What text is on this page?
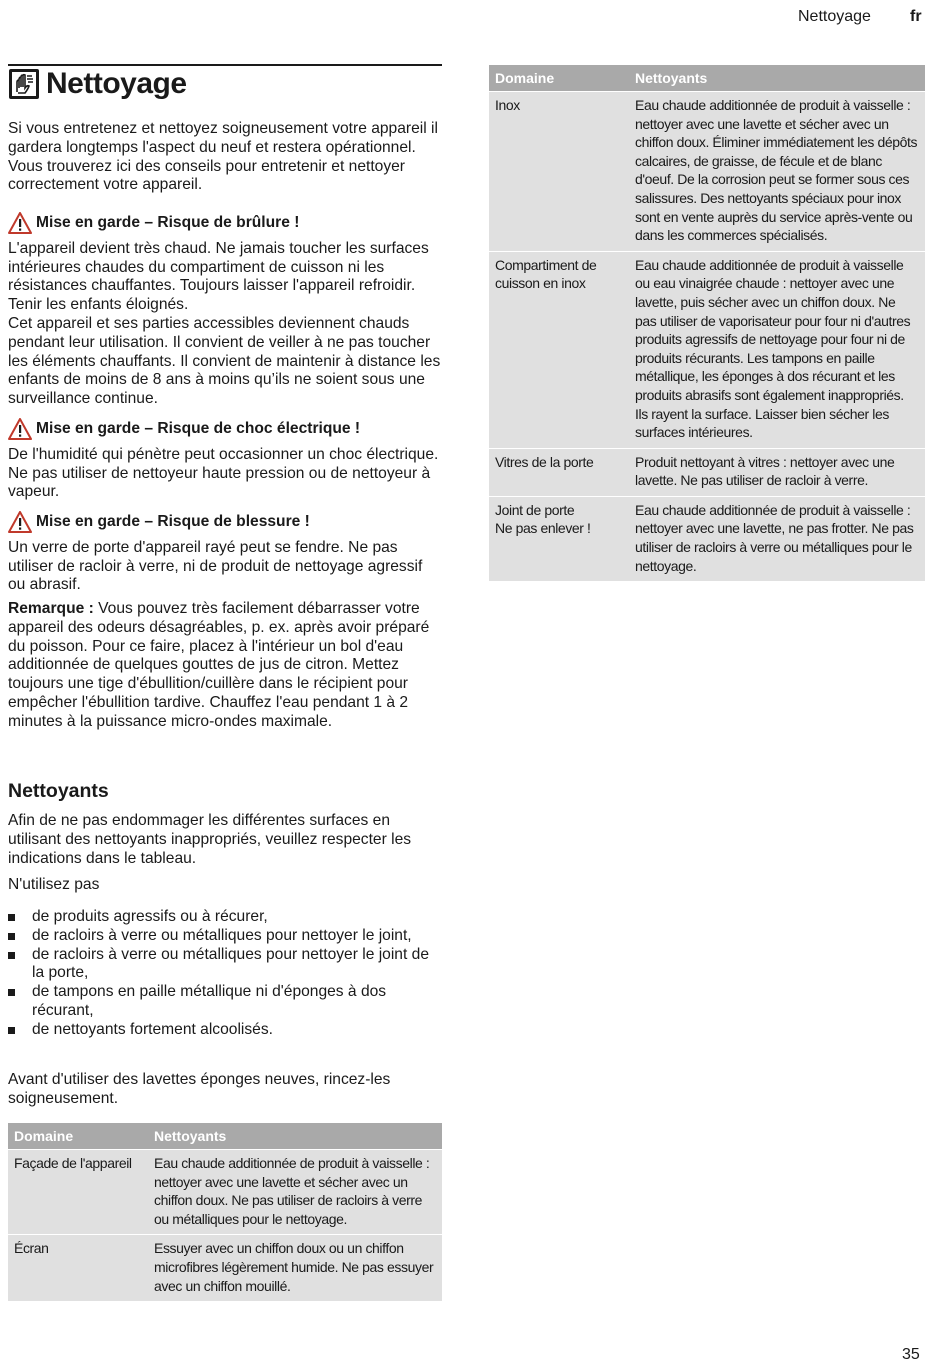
Nettoyage fr
Nettoyage

Si vous entretenez et nettoyez soigneusement votre appareil il gardera longtemps l'aspect du neuf et restera opérationnel. Vous trouverez ici des conseils pour entretenir et nettoyer correctement votre appareil.

Mise en garde – Risque de brûlure !

L'appareil devient très chaud. Ne jamais toucher les surfaces intérieures chaudes du compartiment de cuisson ni les résistances chauffantes. Toujours laisser l'appareil refroidir. Tenir les enfants éloignés.
Cet appareil et ses parties accessibles deviennent chauds pendant leur utilisation. Il convient de veiller à ne pas toucher les éléments chauffants. Il convient de maintenir à distance les enfants de moins de 8 ans à moins qu’ils ne soient sous une surveillance continue.
Mise en garde – Risque de choc électrique !

De l'humidité qui pénètre peut occasionner un choc électrique. Ne pas utiliser de nettoyeur haute pression ou de nettoyeur à vapeur.
Mise en garde – Risque de blessure !

Un verre de porte d'appareil rayé peut se fendre. Ne pas utiliser de racloir à verre, ni de produit de nettoyage agressif ou abrasif.

Remarque : Vous pouvez très facilement débarrasser votre appareil des odeurs désagréables, p. ex. après avoir préparé du poisson. Pour ce faire, placez à l'intérieur un bol d'eau additionnée de quelques gouttes de jus de citron. Mettez toujours une tige d'ébullition/cuillère dans le récipient pour empêcher l'ébullition tardive. Chauffez l'eau pendant 1 à 2 minutes à la puissance micro-ondes maximale.

Nettoyants

Afin de ne pas endommager les différentes surfaces en utilisant des nettoyants inappropriés, veuillez respecter les indications dans le tableau.

N'utilisez pas

de produits agressifs ou à récurer,
de racloirs à verre ou métalliques pour nettoyer le joint,
de racloirs à verre ou métalliques pour nettoyer le joint de la porte,
de tampons en paille métallique ni d'éponges à dos récurant,
de nettoyants fortement alcoolisés.

Avant d'utiliser des lavettes éponges neuves, rincez-les soigneusement.

Domaine	Nettoyants
Façade de l'appareil	Eau chaude additionnée de produit à vaisselle : nettoyer avec une lavette et sécher avec un chiffon doux. Ne pas utiliser de racloirs à verre ou métalliques pour le nettoyage.
Écran	Essuyer avec un chiffon doux ou un chiffon microfibres légèrement humide. Ne pas essuyer avec un chiffon mouillé.
Domaine	Nettoyants
Inox	Eau chaude additionnée de produit à vaisselle : nettoyer avec une lavette et sécher avec un chiffon doux. Éliminer immédiatement les dépôts calcaires, de graisse, de fécule et de blanc d'oeuf. De la corrosion peut se former sous ces salissures. Des nettoyants spéciaux pour inox sont en vente auprès du service après-vente ou dans les commerces spécialisés.
Compartiment de cuisson en inox	Eau chaude additionnée de produit à vaisselle ou eau vinaigrée chaude : nettoyer avec une lavette, puis sécher avec un chiffon doux. Ne pas utiliser de vaporisateur pour four ni d'autres produits agressifs de nettoyage pour four ni de produits récurants. Les tampons en paille métallique, les éponges à dos récurant et les produits abrasifs sont également inappropriés. Ils rayent la surface. Laisser bien sécher les surfaces intérieures.
Vitres de la porte	Produit nettoyant à vitres : nettoyer avec une lavette. Ne pas utiliser de racloir à verre.
Joint de porte
Ne pas enlever !	Eau chaude additionnée de produit à vaisselle : nettoyer avec une lavette, ne pas frotter. Ne pas utiliser de racloirs à verre ou métalliques pour le nettoyage.
35
